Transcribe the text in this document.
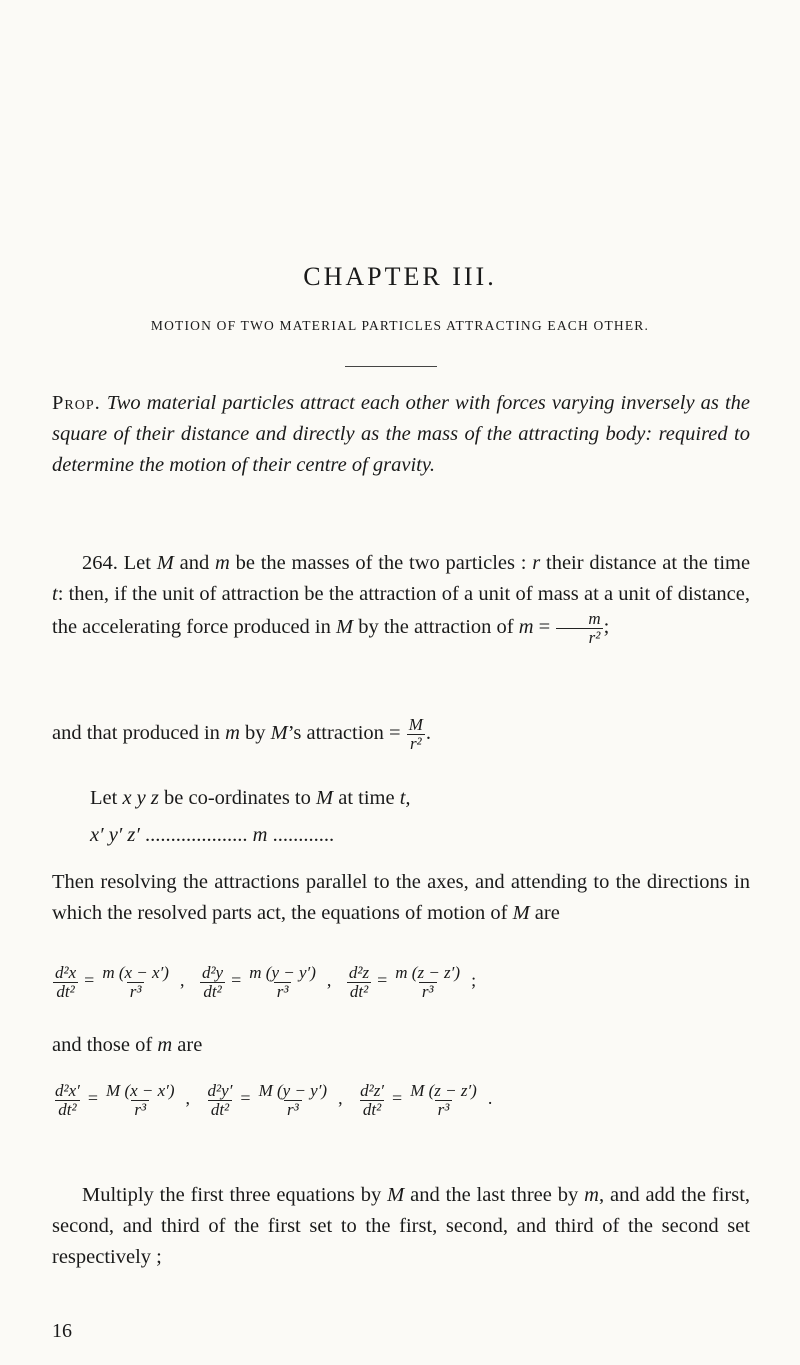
CHAPTER III.
MOTION OF TWO MATERIAL PARTICLES ATTRACTING EACH OTHER.
Prop. Two material particles attract each other with forces varying inversely as the square of their distance and directly as the mass of the attracting body: required to determine the motion of their centre of gravity.
264. Let M and m be the masses of the two particles : r their distance at the time t: then, if the unit of attraction be the attraction of a unit of mass at a unit of distance, the accelerating force produced in M by the attraction of $m = \frac{m}{\text{r²}}$ ;
and that produced in m by M’s attraction = $\frac{M}{\text{r²}}$ .
Let x y z be co-ordinates to M at time t,
x′ y′ z′ .................... m ............
Then resolving the attractions parallel to the axes, and attending to the directions in which the resolved parts act, the equations of motion of M are
$\frac{\text{d²x}}{\text{dt²}} = \frac{m (x - x')}{\text{r³}}$ , $\frac{\text{d²y}}{\text{dt²}} = \frac{m (y - y')}{\text{r³}}$ , $\frac{\text{d²z}}{\text{dt²}} = \frac{m (z - z')}{\text{r³}}$ ;
and those of m are
$\frac{\text{d²x′}}{\text{dt²}} = \frac{M (x - x')}{\text{r³}}$ , $\frac{\text{d²y′}}{\text{dt²}} = \frac{M (y - y')}{\text{r³}}$ , $\frac{\text{d²z′}}{\text{dt²}} = \frac{M (z - z')}{\text{r³}}$ .
Multiply the first three equations by M and the last three by m, and add the first, second, and third of the first set to the first, second, and third of the second set respectively ;
16
